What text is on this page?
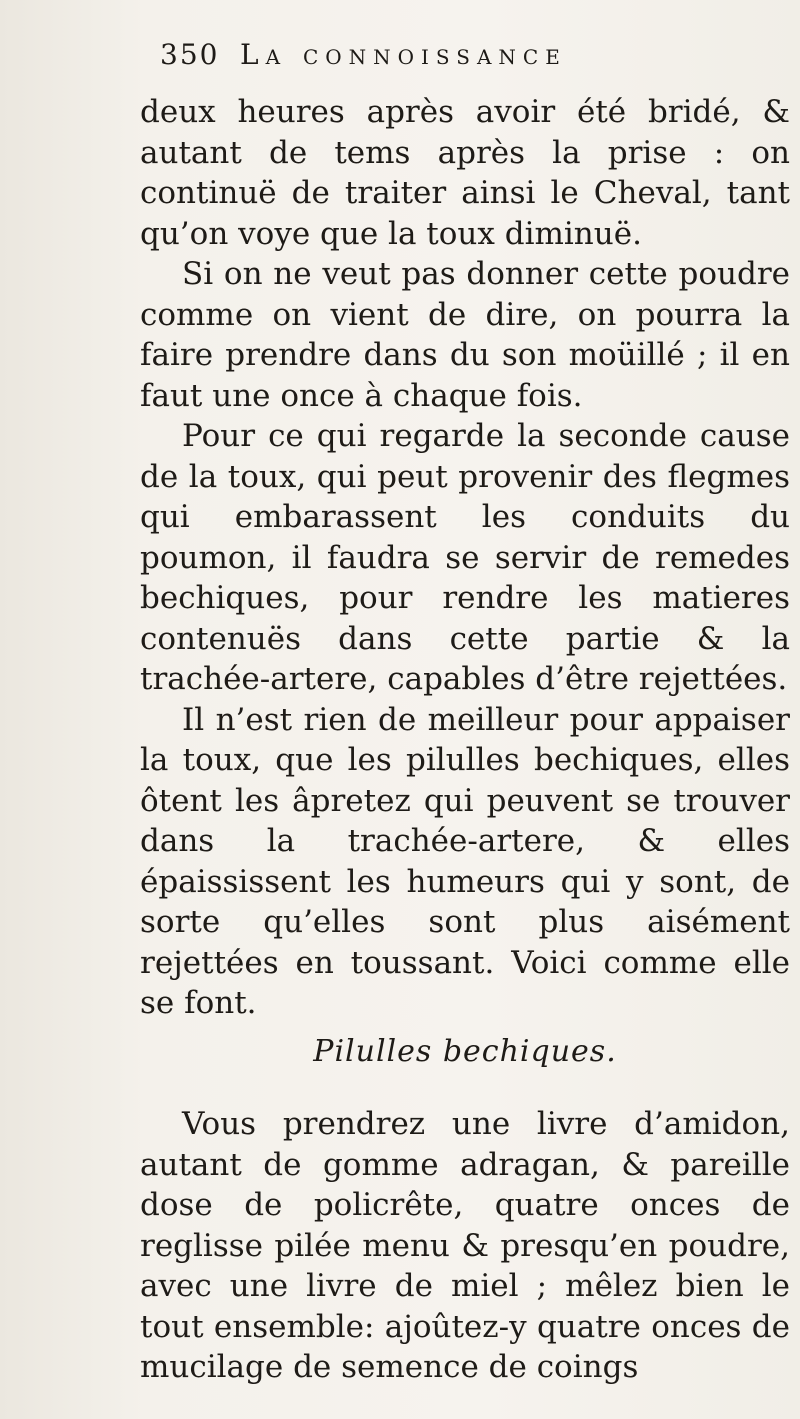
350 La connoissance

deux heures après avoir été bridé, & autant de tems après la prise : on continuë de traiter ainsi le Cheval, tant qu’on voye que la toux diminuë.

Si on ne veut pas donner cette poudre comme on vient de dire, on pourra la faire prendre dans du son moüillé ; il en faut une once à chaque fois.

Pour ce qui regarde la seconde cause de la toux, qui peut provenir des flegmes qui embarassent les conduits du poumon, il faudra se servir de remedes bechiques, pour rendre les matieres contenuës dans cette partie & la trachée-artere, capables d’être rejettées.

Il n’est rien de meilleur pour appaiser la toux, que les pilulles bechiques, elles ôtent les âpretez qui peuvent se trouver dans la trachée-artere, & elles épaississent les humeurs qui y sont, de sorte qu’elles sont plus aisément rejettées en toussant. Voici comme elle se font.

Pilulles bechiques.

Vous prendrez une livre d’amidon, autant de gomme adragan, & pareille dose de policrête, quatre onces de reglisse pilée menu & presqu’en poudre, avec une livre de miel ; mêlez bien le tout ensemble: ajoûtez-y quatre onces de mucilage de semence de coings
